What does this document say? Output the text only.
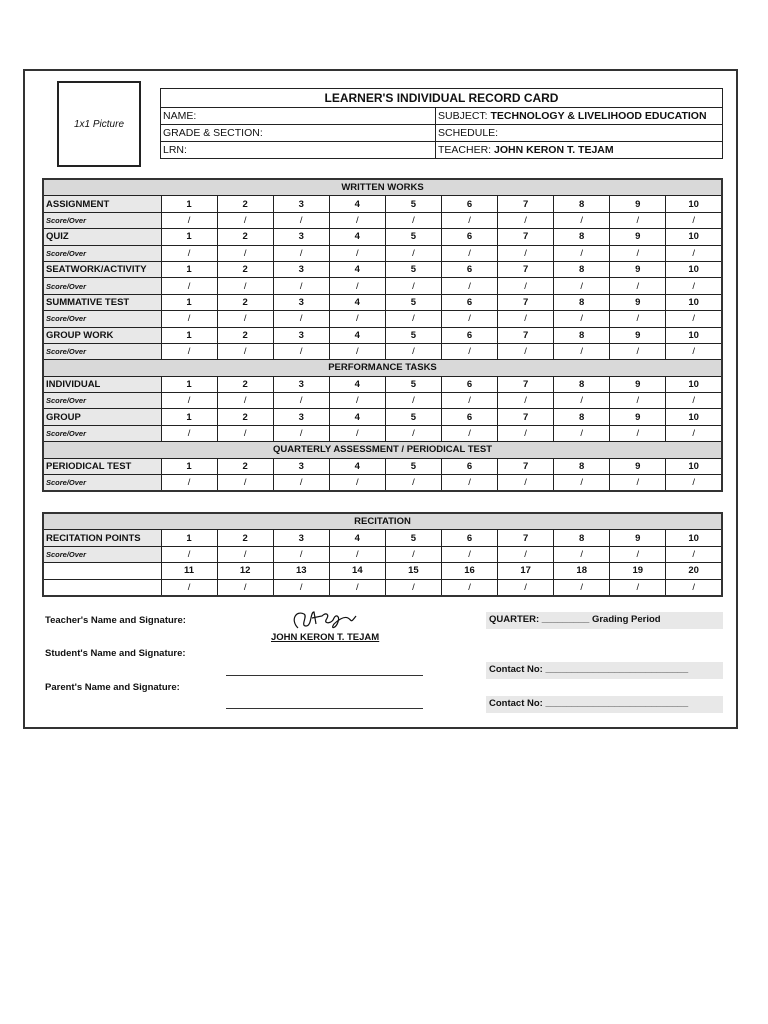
1x1 Picture
LEARNER'S INDIVIDUAL RECORD CARD	
NAME:	SUBJECT: TECHNOLOGY & LIVELIHOOD EDUCATION
GRADE & SECTION:	SCHEDULE:
LRN:	TEACHER: JOHN KERON T. TEJAM
WRITTEN WORKS										
ASSIGNMENT	1	2	3	4	5	6	7	8	9	10
Score/Over	/	/	/	/	/	/	/	/	/	/
QUIZ	1	2	3	4	5	6	7	8	9	10
Score/Over	/	/	/	/	/	/	/	/	/	/
SEATWORK/ACTIVITY	1	2	3	4	5	6	7	8	9	10
Score/Over	/	/	/	/	/	/	/	/	/	/
SUMMATIVE TEST	1	2	3	4	5	6	7	8	9	10
Score/Over	/	/	/	/	/	/	/	/	/	/
GROUP WORK	1	2	3	4	5	6	7	8	9	10
Score/Over	/	/	/	/	/	/	/	/	/	/
PERFORMANCE TASKS										
INDIVIDUAL	1	2	3	4	5	6	7	8	9	10
Score/Over	/	/	/	/	/	/	/	/	/	/
GROUP	1	2	3	4	5	6	7	8	9	10
Score/Over	/	/	/	/	/	/	/	/	/	/
QUARTERLY ASSESSMENT / PERIODICAL TEST										
PERIODICAL TEST	1	2	3	4	5	6	7	8	9	10
Score/Over	/	/	/	/	/	/	/	/	/	/
RECITATION										
RECITATION POINTS	1	2	3	4	5	6	7	8	9	10
Score/Over	/	/	/	/	/	/	/	/	/	/
	11	12	13	14	15	16	17	18	19	20
	/	/	/	/	/	/	/	/	/	/
Teacher's Name and Signature:
JOHN KERON T. TEJAM
Student's Name and Signature:
Parent's Name and Signature:
QUARTER: _________ Grading Period
Contact No: ___________________________
Contact No: ___________________________
